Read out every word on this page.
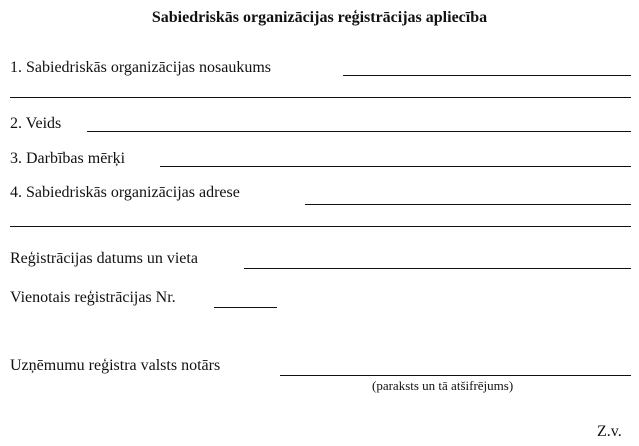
Sabiedriskās organizācijas reģistrācijas apliecība
1. Sabiedriskās organizācijas nosaukums
2. Veids
3. Darbības mērķi
4. Sabiedriskās organizācijas adrese
Reģistrācijas datums un vieta
Vienotais reģistrācijas Nr.
Uzņēmumu reģistra valsts notārs
(paraksts un tā atšifrējums)
Z.v.
